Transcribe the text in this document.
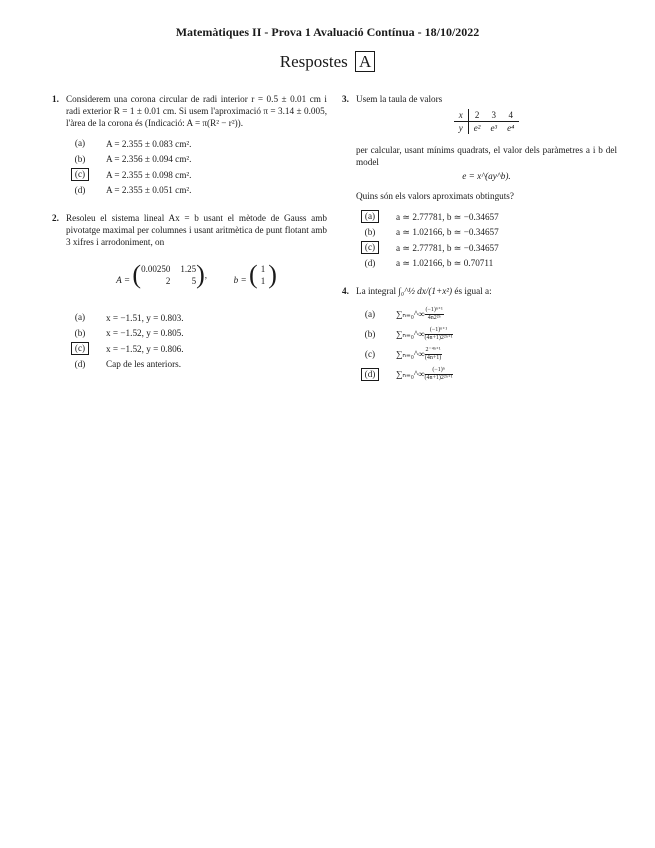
Matemàtiques II - Prova 1 Avaluació Contínua - 18/10/2022
Respostes A
1. Considerem una corona circular de radi interior r = 0.5 ± 0.01 cm i radi exterior R = 1 ± 0.01 cm. Si usem l'aproximació π = 3.14 ± 0.005, l'àrea de la corona és (Indicació: A = π(R² − r²)).
(a)	A = 2.355 ± 0.083 cm².
(b)	A = 2.356 ± 0.094 cm².
(c)	A = 2.355 ± 0.098 cm².
(d)	A = 2.355 ± 0.051 cm².
2. Resoleu el sistema lineal Ax = b usant el mètode de Gauss amb pivotatge maximal per columnes i usant aritmètica de punt flotant amb 3 xifres i arrodoniment, on
A = ( 0.00250 1.25
2	5 ) ,	b = ( 1
1 )
(a)	x = −1.51, y = 0.803.
(b)	x = −1.52, y = 0.805.
(c)	x = −1.52, y = 0.806.
(d)	Cap de les anteriors.
3. Usem la taula de valors
x	2	3	4
y	e²	e³	e⁴
per calcular, usant mínims quadrats, el valor dels paràmetres a i b del model
e = x^(ay^b).
Quins són els valors aproximats obtinguts?
(a)	a ≃ 2.77781, b ≃ −0.34657
(b)	a ≃ 1.02166, b ≃ −0.34657
(c)	a ≃ 2.77781, b ≃ −0.34657
(d)	a ≃ 1.02166, b ≃ 0.70711
4. La integral ∫₀^½ dx/(1+x²) és igual a:
(a)	∑ₙ₌₀^∞ $\frac{\text{(−1)ⁿ⁺¹}}{\text{4n2²ⁿ}}$
(b)	∑ₙ₌₀^∞ $\frac{\text{(−1)ⁿ⁺¹}}{\text{(4n+1)2²ⁿ⁺¹}}$
(c)	∑ₙ₌₀^∞ $\frac{\text{2⁻⁴ⁿ⁺¹}}{(4n+1)}$
(d)	∑ₙ₌₀^∞ $\frac{\text{(−1)ⁿ}}{\text{(4n+1)2²ⁿ⁺¹}}$
